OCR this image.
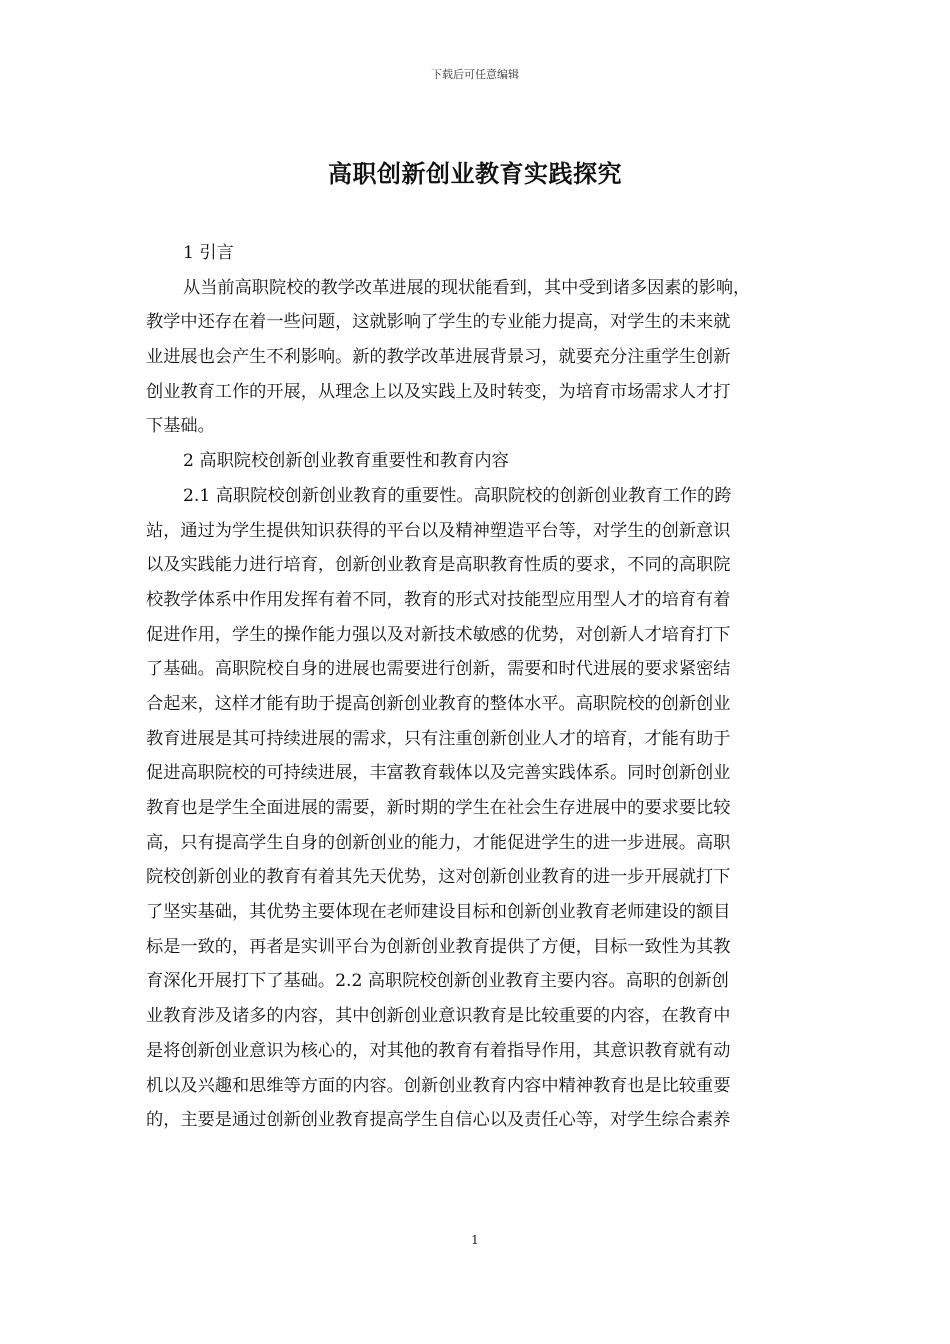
下载后可任意编辑
高职创新创业教育实践探究
1 引言
从当前高职院校的教学改革进展的现状能看到，其中受到诸多因素的影响，
教学中还存在着一些问题，这就影响了学生的专业能力提高，对学生的未来就
业进展也会产生不利影响。新的教学改革进展背景习，就要充分注重学生创新
创业教育工作的开展，从理念上以及实践上及时转变，为培育市场需求人才打
下基础。
2 高职院校创新创业教育重要性和教育内容
2.1 高职院校创新创业教育的重要性。高职院校的创新创业教育工作的跨
站，通过为学生提供知识获得的平台以及精神塑造平台等，对学生的创新意识
以及实践能力进行培育，创新创业教育是高职教育性质的要求，不同的高职院
校教学体系中作用发挥有着不同，教育的形式对技能型应用型人才的培育有着
促进作用，学生的操作能力强以及对新技术敏感的优势，对创新人才培育打下
了基础。高职院校自身的进展也需要进行创新，需要和时代进展的要求紧密结
合起来，这样才能有助于提高创新创业教育的整体水平。高职院校的创新创业
教育进展是其可持续进展的需求，只有注重创新创业人才的培育，才能有助于
促进高职院校的可持续进展，丰富教育载体以及完善实践体系。同时创新创业
教育也是学生全面进展的需要，新时期的学生在社会生存进展中的要求要比较
高，只有提高学生自身的创新创业的能力，才能促进学生的进一步进展。高职
院校创新创业的教育有着其先天优势，这对创新创业教育的进一步开展就打下
了坚实基础，其优势主要体现在老师建设目标和创新创业教育老师建设的额目
标是一致的，再者是实训平台为创新创业教育提供了方便，目标一致性为其教
育深化开展打下了基础。2.2 高职院校创新创业教育主要内容。高职的创新创
业教育涉及诸多的内容，其中创新创业意识教育是比较重要的内容，在教育中
是将创新创业意识为核心的，对其他的教育有着指导作用，其意识教育就有动
机以及兴趣和思维等方面的内容。创新创业教育内容中精神教育也是比较重要
的，主要是通过创新创业教育提高学生自信心以及责任心等，对学生综合素养
1
